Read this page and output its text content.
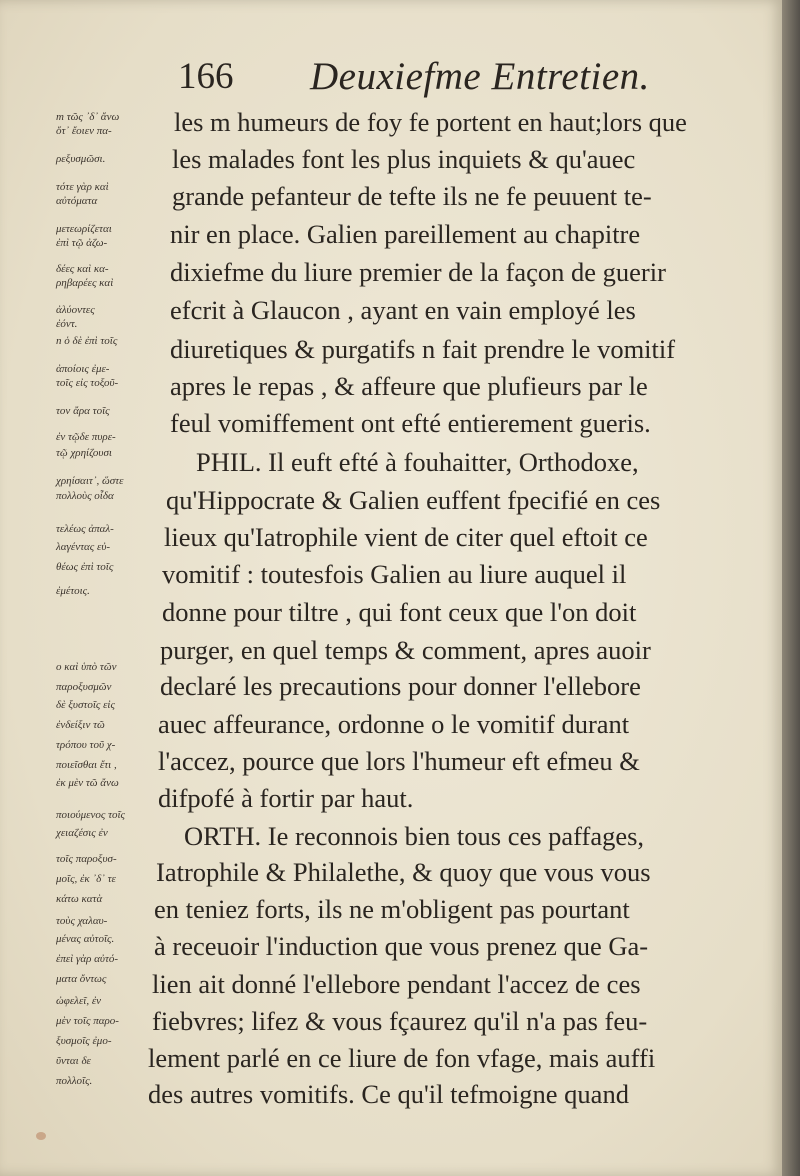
166 Deuxiefme Entretien.
les m humeurs de foy fe portent en haut;lors que
les malades font les plus inquiets & qu'auec
grande pefanteur de tefte ils ne fe peuuent te-
nir en place. Galien pareillement au chapitre
dixiefme du liure premier de la façon de guerir
efcrit à Glaucon , ayant en vain employé les
diuretiques & purgatifs n fait prendre le vomitif
apres le repas , & affeure que plufieurs par le
feul vomiffement ont efté entierement gueris.
PHIL. Il euft efté à fouhaitter, Orthodoxe,
qu'Hippocrate & Galien euffent fpecifié en ces
lieux qu'Iatrophile vient de citer quel eftoit ce
vomitif : toutesfois Galien au liure auquel il
donne pour tiltre , qui font ceux que l'on doit
purger, en quel temps & comment, apres auoir
declaré les precautions pour donner l'ellebore
auec affeurance, ordonne o le vomitif durant
l'accez, pource que lors l'humeur eft efmeu &
difpofé à fortir par haut.
ORTH. Ie reconnois bien tous ces paffages,
Iatrophile & Philalethe, & quoy que vous vous
en teniez forts, ils ne m'obligent pas pourtant
à receuoir l'induction que vous prenez que Ga-
lien ait donné l'ellebore pendant l'accez de ces
fiebvres; lifez & vous fçaurez qu'il n'a pas feu-
lement parlé en ce liure de fon vfage, mais auffi
des autres vomitifs. Ce qu'il tefmoigne quand
m τῶς ᾽δ᾽ ἄνω
ὅτ᾽ ἔοιεν πα-
ρεξυσμῶσι.
τότε γὰρ καὶ
αὐτόματα
μετεωρίζεται
ἐπὶ τῷ ἀζω-
δέες καὶ κα-
ρηβαρέες καὶ
ἀλύοντες
ἐόντ.
n ὁ δὲ ἐπὶ τοῖς
ἀποίοις ἐμε-
τοῖς εἰς τοξοῦ-
τον ἄρα τοῖς
ἐν τῷδε πυρε-
τῷ χρηίζουσι
χρηίσαιτ᾽, ὥστε
πολλοὺς οἶδα
τελέως ἀπαλ-
λαγέντας εὐ-
θέως ἐπὶ τοῖς
ἐμέτοις.
o καὶ ὑπὸ τῶν
παροξυσμῶν
δὲ ξυστοῖς εἰς
ἐνδείξιν τῶ
τρόπου τοῦ χ-
ποιεῖσθαι ἔτι ,
ἐκ μὲν τῶ ἄνω
ποιούμενος τοῖς
χειαζέσις ἐν
τοῖς παροξυσ-
μοῖς, ἐκ ᾽δ᾽ τε
κάτω κατὰ
τοὺς χαλαυ-
μένας αὐτοῖς.
ἐπεὶ γὰρ αὐτό-
ματα ὄντως
ὠφελεῖ, ἐν
μὲν τοῖς παρο-
ξυσμοῖς ἐμο-
ῦνται δε
πολλοῖς.
